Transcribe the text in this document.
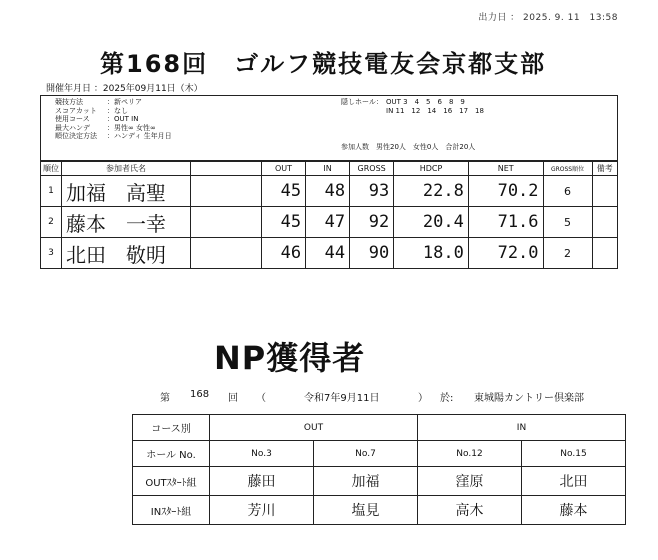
出力日 ： 2025. 9. 11　13:58
第168回　ゴルフ競技電友会京都支部
開催年月日 ：2025年09月11日（木）
競技方法	：新ペリア
スコアカット ：なし
使用コース ：OUT IN
最大ハンデ ：男性∞ 女性∞
順位決定方法 ：ハンディ 生年月日
隠しホール： OUT 3　4　5　6　8　9
IN 11　12　14　16　17　18
参加人数　男性20人　女性0人　合計20人
順位	参加者氏名		OUT	IN	GROSS	HDCP	NET	GROSS順位	備考
1	加福　高聖		45	48	93	22.8	70.2	6	
2	藤本　一幸		45	47	92	20.4	71.6	5	
3	北田　敬明		46	44	90	18.0	72.0	2	
NP獲得者
第 168 回 （	令和7年9月11日	） 於: 東城陽カントリー倶楽部
コース別	OUT		IN	
ホール No.	No.3	No.7	No.12	No.15
OUTｽﾀｰﾄ組	藤田	加福	窪原	北田
INｽﾀｰﾄ組	芳川	塩見	高木	藤本
